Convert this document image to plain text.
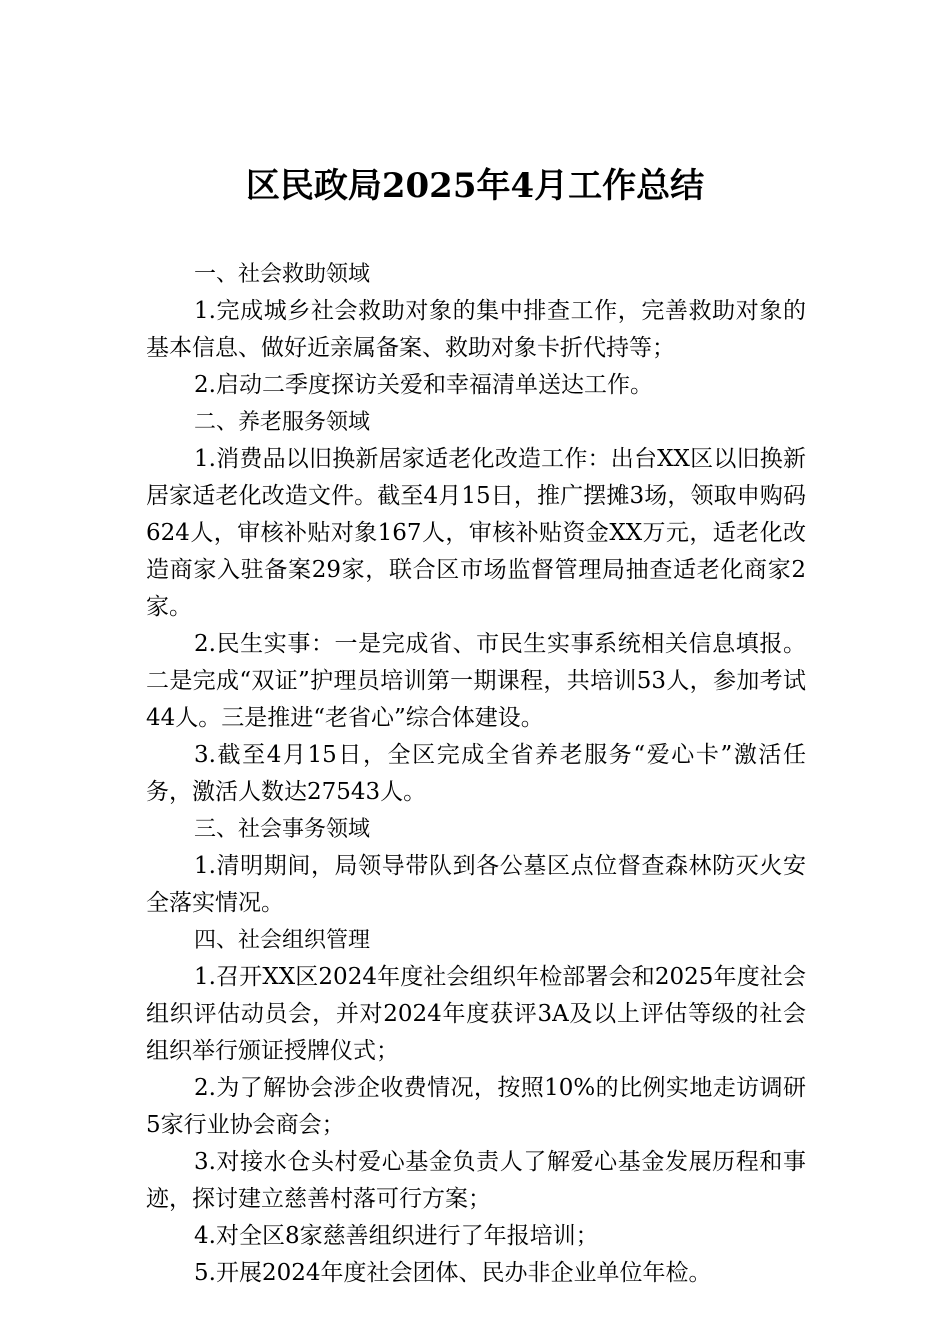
区民政局2025年4月工作总结
一、社会救助领域
1.完成城乡社会救助对象的集中排查工作，完善救助对象的基本信息、做好近亲属备案、救助对象卡折代持等；
2.启动二季度探访关爱和幸福清单送达工作。
二、养老服务领域
1.消费品以旧换新居家适老化改造工作：出台XX区以旧换新居家适老化改造文件。截至4月15日，推广摆摊3场，领取申购码624人，审核补贴对象167人，审核补贴资金XX万元，适老化改造商家入驻备案29家，联合区市场监督管理局抽查适老化商家2家。
2.民生实事：一是完成省、市民生实事系统相关信息填报。二是完成“双证”护理员培训第一期课程，共培训53人，参加考试44人。三是推进“老省心”综合体建设。
3.截至4月15日，全区完成全省养老服务“爱心卡”激活任务，激活人数达27543人。
三、社会事务领域
1.清明期间，局领导带队到各公墓区点位督查森林防灭火安全落实情况。
四、社会组织管理
1.召开XX区2024年度社会组织年检部署会和2025年度社会组织评估动员会，并对2024年度获评3A及以上评估等级的社会组织举行颁证授牌仪式；
2.为了解协会涉企收费情况，按照10%的比例实地走访调研5家行业协会商会；
3.对接水仓头村爱心基金负责人了解爱心基金发展历程和事迹，探讨建立慈善村落可行方案；
4.对全区8家慈善组织进行了年报培训；
5.开展2024年度社会团体、民办非企业单位年检。
